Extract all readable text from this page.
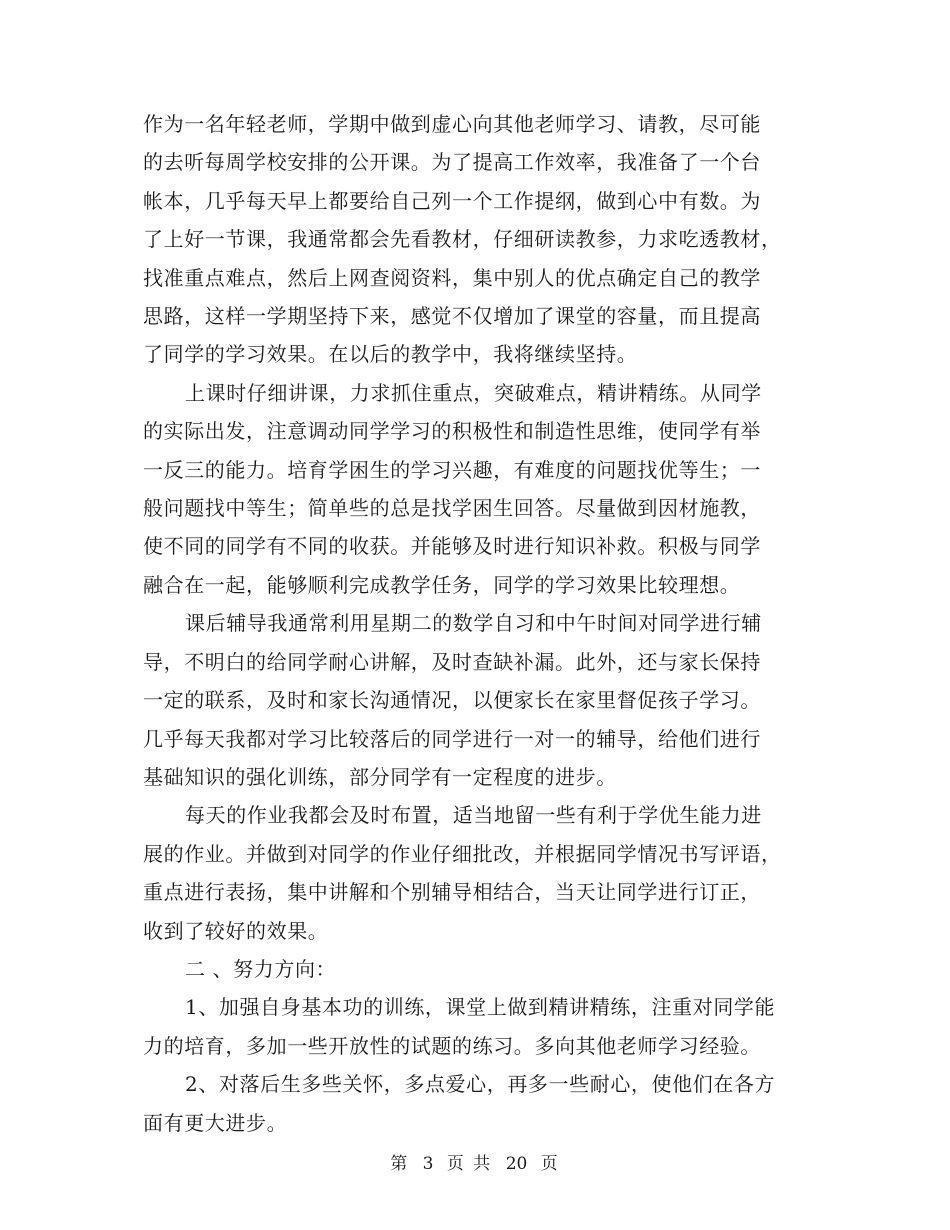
作为一名年轻老师，学期中做到虚心向其他老师学习、请教，尽可能
的去听每周学校安排的公开课。为了提高工作效率，我准备了一个台
帐本，几乎每天早上都要给自己列一个工作提纲，做到心中有数。为
了上好一节课，我通常都会先看教材，仔细研读教参，力求吃透教材，
找准重点难点，然后上网查阅资料，集中别人的优点确定自己的教学
思路，这样一学期坚持下来，感觉不仅增加了课堂的容量，而且提高
了同学的学习效果。在以后的教学中，我将继续坚持。

上课时仔细讲课，力求抓住重点，突破难点，精讲精练。从同学
的实际出发，注意调动同学学习的积极性和制造性思维，使同学有举
一反三的能力。培育学困生的学习兴趣，有难度的问题找优等生；一
般问题找中等生；简单些的总是找学困生回答。尽量做到因材施教，
使不同的同学有不同的收获。并能够及时进行知识补救。积极与同学
融合在一起，能够顺利完成教学任务，同学的学习效果比较理想。

课后辅导我通常利用星期二的数学自习和中午时间对同学进行辅
导，不明白的给同学耐心讲解，及时查缺补漏。此外，还与家长保持
一定的联系，及时和家长沟通情况，以便家长在家里督促孩子学习。
几乎每天我都对学习比较落后的同学进行一对一的辅导，给他们进行
基础知识的强化训练，部分同学有一定程度的进步。

每天的作业我都会及时布置，适当地留一些有利于学优生能力进
展的作业。并做到对同学的作业仔细批改，并根据同学情况书写评语，
重点进行表扬，集中讲解和个别辅导相结合，当天让同学进行订正，
收到了较好的效果。

二 、努力方向：

1、加强自身基本功的训练，课堂上做到精讲精练，注重对同学能
力的培育，多加一些开放性的试题的练习。多向其他老师学习经验。

2、对落后生多些关怀，多点爱心，再多一些耐心，使他们在各方
面有更大进步。

第 3 页 共 20 页
